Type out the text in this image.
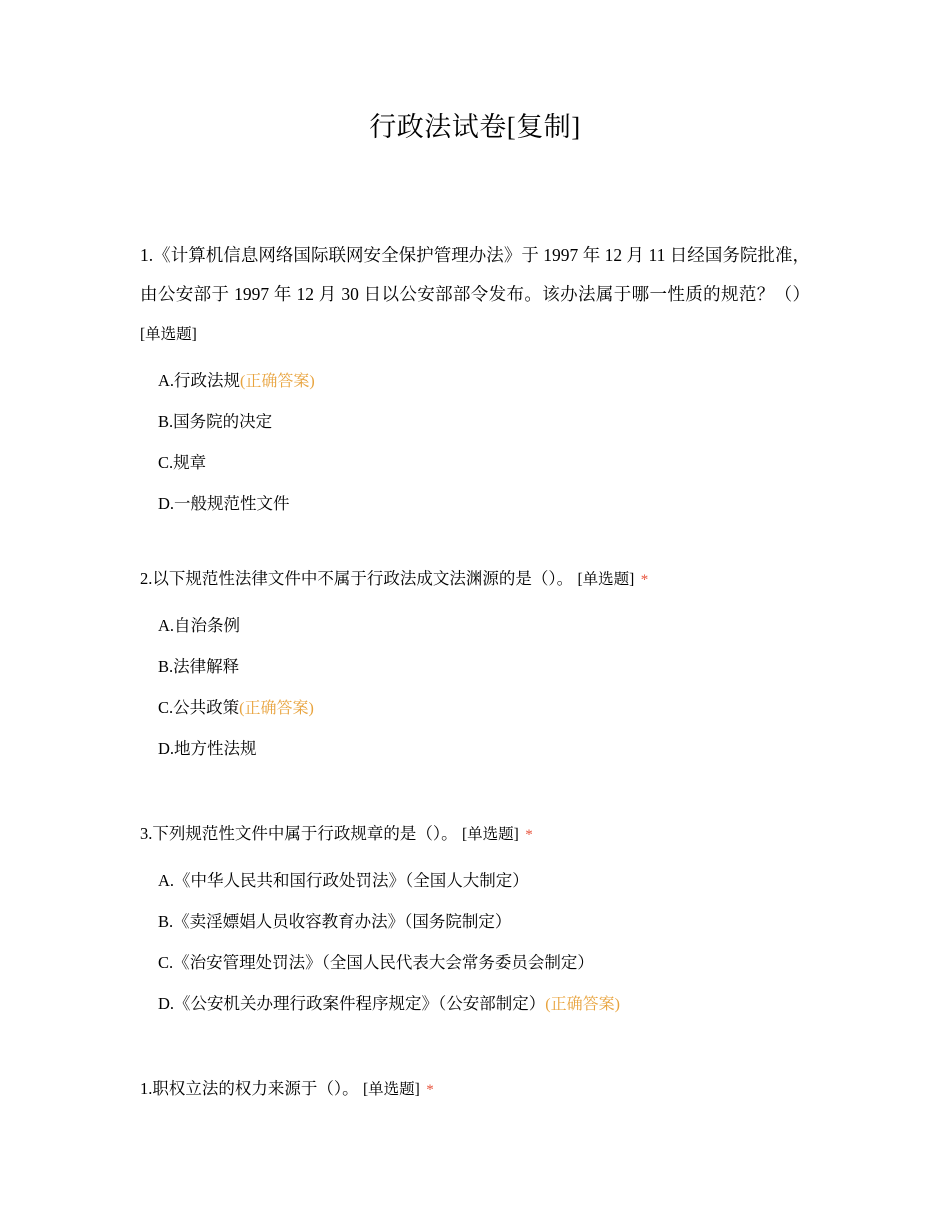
行政法试卷[复制]
1.《计算机信息网络国际联网安全保护管理办法》于 1997 年 12 月 11 日经国务院批准，由公安部于 1997 年 12 月 30 日以公安部部令发布。该办法属于哪一性质的规范？（） [单选题]
A.行政法规(正确答案)
B.国务院的决定
C.规章
D.一般规范性文件
2.以下规范性法律文件中不属于行政法成文法渊源的是（）。 [单选题] *
A.自治条例
B.法律解释
C.公共政策(正确答案)
D.地方性法规
3.下列规范性文件中属于行政规章的是（）。 [单选题] *
A.《中华人民共和国行政处罚法》（全国人大制定）
B.《卖淫嫖娼人员收容教育办法》（国务院制定）
C.《治安管理处罚法》（全国人民代表大会常务委员会制定）
D.《公安机关办理行政案件程序规定》（公安部制定）(正确答案)
1.职权立法的权力来源于（）。 [单选题] *
